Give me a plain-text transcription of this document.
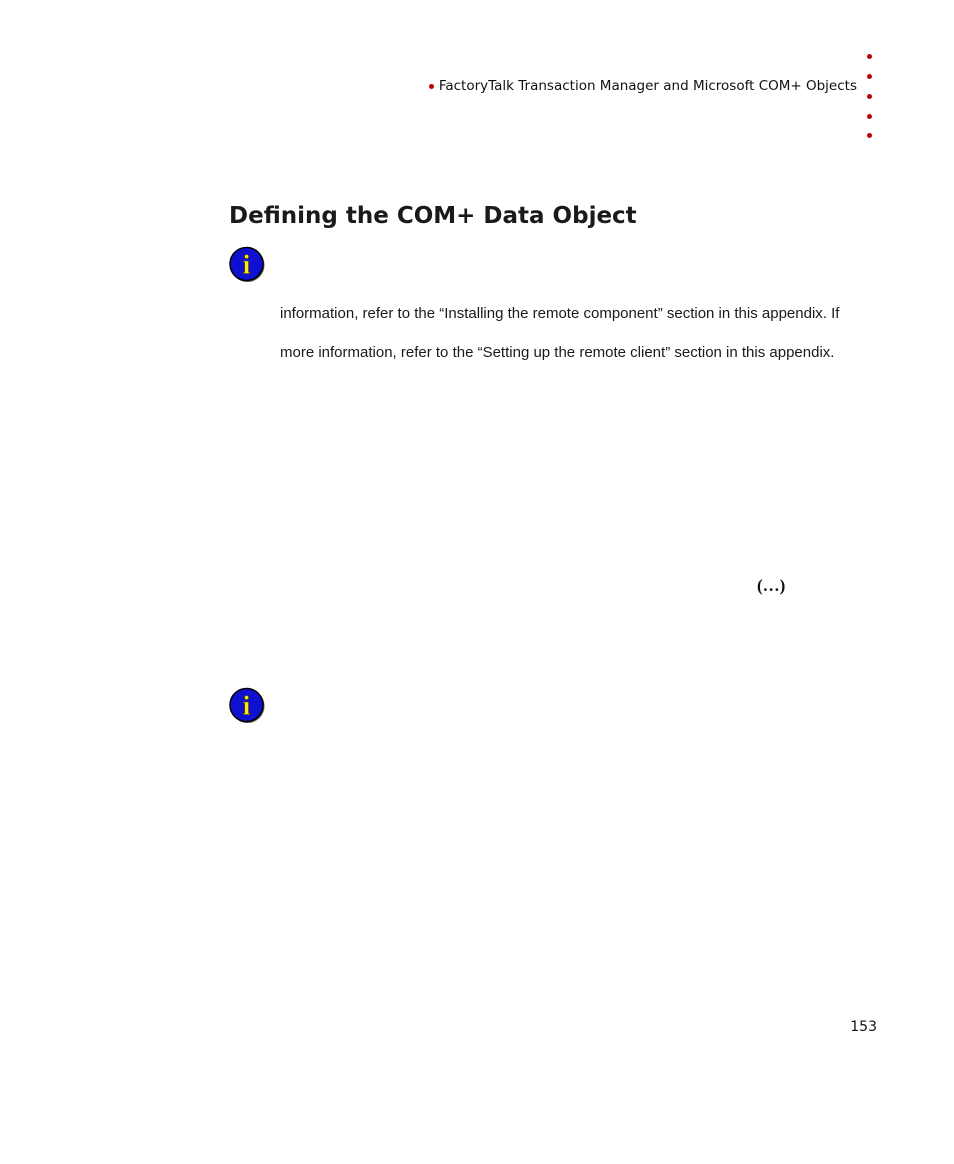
FactoryTalk Transaction Manager and Microsoft COM+ Objects
Defining the COM+ Data Object
i
information, refer to the “Installing the remote component” section in this appendix. If
more information, refer to the “Setting up the remote client” section in this appendix.
(…)
i
153
